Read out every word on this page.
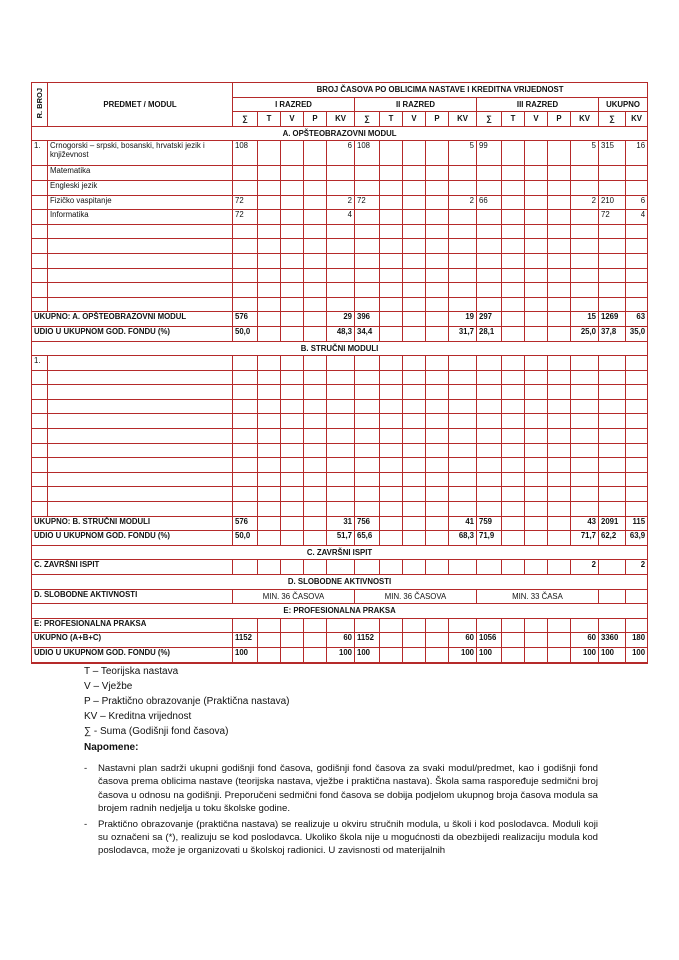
R. BROJ	PREDMET / MODUL	BROJ ČASOVA PO OBLICIMA NASTAVE I KREDITNA VRIJEDNOST																
		I RAZRED					II RAZRED					III RAZRED					UKUPNO	
		∑	T	V	P	KV	∑	T	V	P	KV	∑	T	V	P	KV	∑	KV
A. OPŠTEOBRAZOVNI MODUL																		
1.	Crnogorski – srpski, bosanski, hrvatski jezik i književnost	108				6	108				5	99				5	315	16
	Matematika																	
	Engleski jezik																	
	Fizičko vaspitanje	72				2	72				2	66				2	210	6
	Informatika	72				4											72	4

UKUPNO: A. OPŠTEOBRAZOVNI MODUL		576				29	396				19	297				15	1269	63
UDIO U UKUPNOM GOD. FONDU (%)		50,0				48,3	34,4				31,7	28,1				25,0	37,8	35,0
B. STRUČNI MODULI																		
1.																		

UKUPNO: B. STRUČNI MODULI		576				31	756				41	759				43	2091	115
UDIO U UKUPNOM GOD. FONDU (%)		50,0				51,7	65,6				68,3	71,9				71,7	62,2	63,9
C. ZAVRŠNI ISPIT																		
C. ZAVRŠNI ISPIT																2		2
D. SLOBODNE AKTIVNOSTI																		
D. SLOBODNE AKTIVNOSTI		MIN. 36 ČASOVA					MIN. 36 ČASOVA					MIN. 33 ČASA						
E: PROFESIONALNA PRAKSA																		
E: PROFESIONALNA PRAKSA																		
UKUPNO (A+B+C)		1152				60	1152				60	1056				60	3360	180
UDIO U UKUPNOM GOD. FONDU (%)		100				100	100				100	100				100	100	100
T – Teorijska nastava
V – Vježbe
P – Praktično obrazovanje (Praktična nastava)
KV – Kreditna vrijednost
∑ - Suma (Godišnji fond časova)
Napomene:
- Nastavni plan sadrži ukupni godišnji fond časova, godišnji fond časova za svaki modul/predmet, kao i godišnji fond časova prema oblicima nastave (teorijska nastava, vježbe i praktična nastava). Škola sama raspoređuje sedmični broj časova u odnosu na godišnji. Preporučeni sedmični fond časova se dobija podjelom ukupnog broja časova modula sa brojem radnih nedjelja u toku školske godine.
- Praktično obrazovanje (praktična nastava) se realizuje u okviru stručnih modula, u školi i kod poslodavca. Moduli koji su označeni sa (*), realizuju se kod poslodavca. Ukoliko škola nije u mogućnosti da obezbijedi realizaciju modula kod poslodavca, može je organizovati u školskoj radionici. U zavisnosti od materijalnih
